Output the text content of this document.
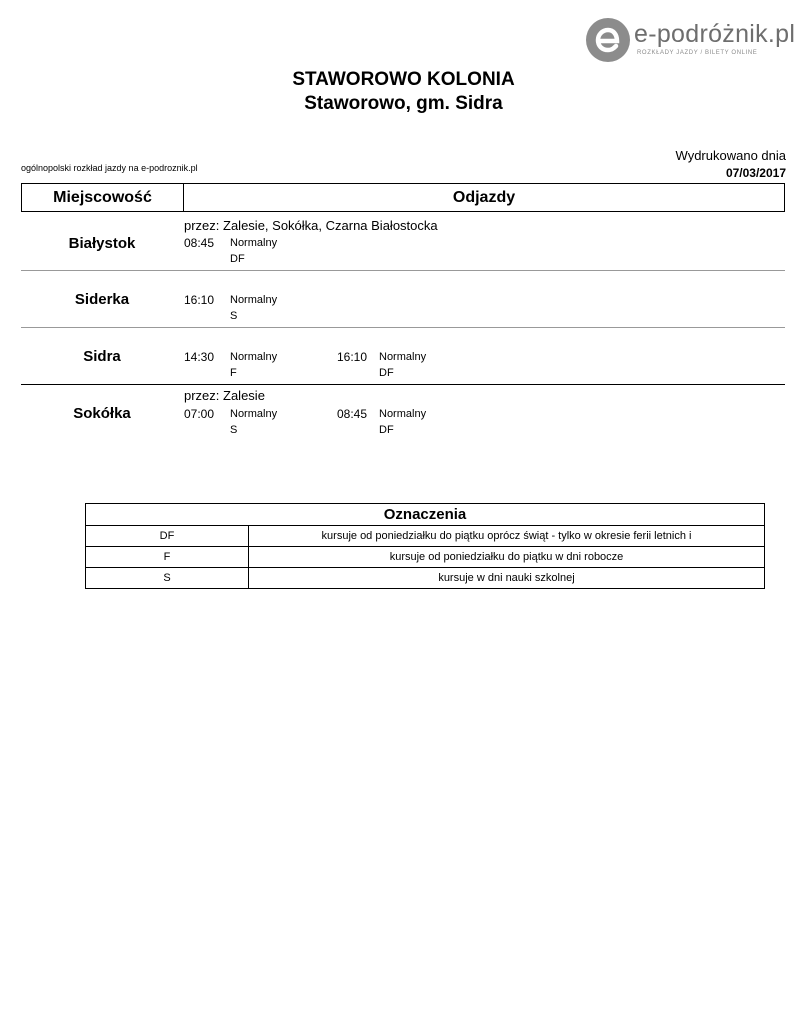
e-podróżnik.pl
ROZKŁADY JAZDY / BILETY ONLINE
STAWOROWO KOLONIA
Staworowo, gm. Sidra
ogólnopolski rozkład jazdy na e-podroznik.pl
Wydrukowano dnia
07/03/2017
Miejscowość	Odjazdy
przez: Zalesie, Sokółka, Czarna Białostocka
Białystok	08:45 Normalny
DF
Siderka	16:10 Normalny
S
Sidra	14:30 Normalny
F
16:10 Normalny
DF
przez: Zalesie
Sokółka	07:00 Normalny
S
08:45 Normalny
DF
Oznaczenia
DF	kursuje od poniedziałku do piątku oprócz świąt - tylko w okresie ferii letnich i
F	kursuje od poniedziałku do piątku w dni robocze
S	kursuje w dni nauki szkolnej
